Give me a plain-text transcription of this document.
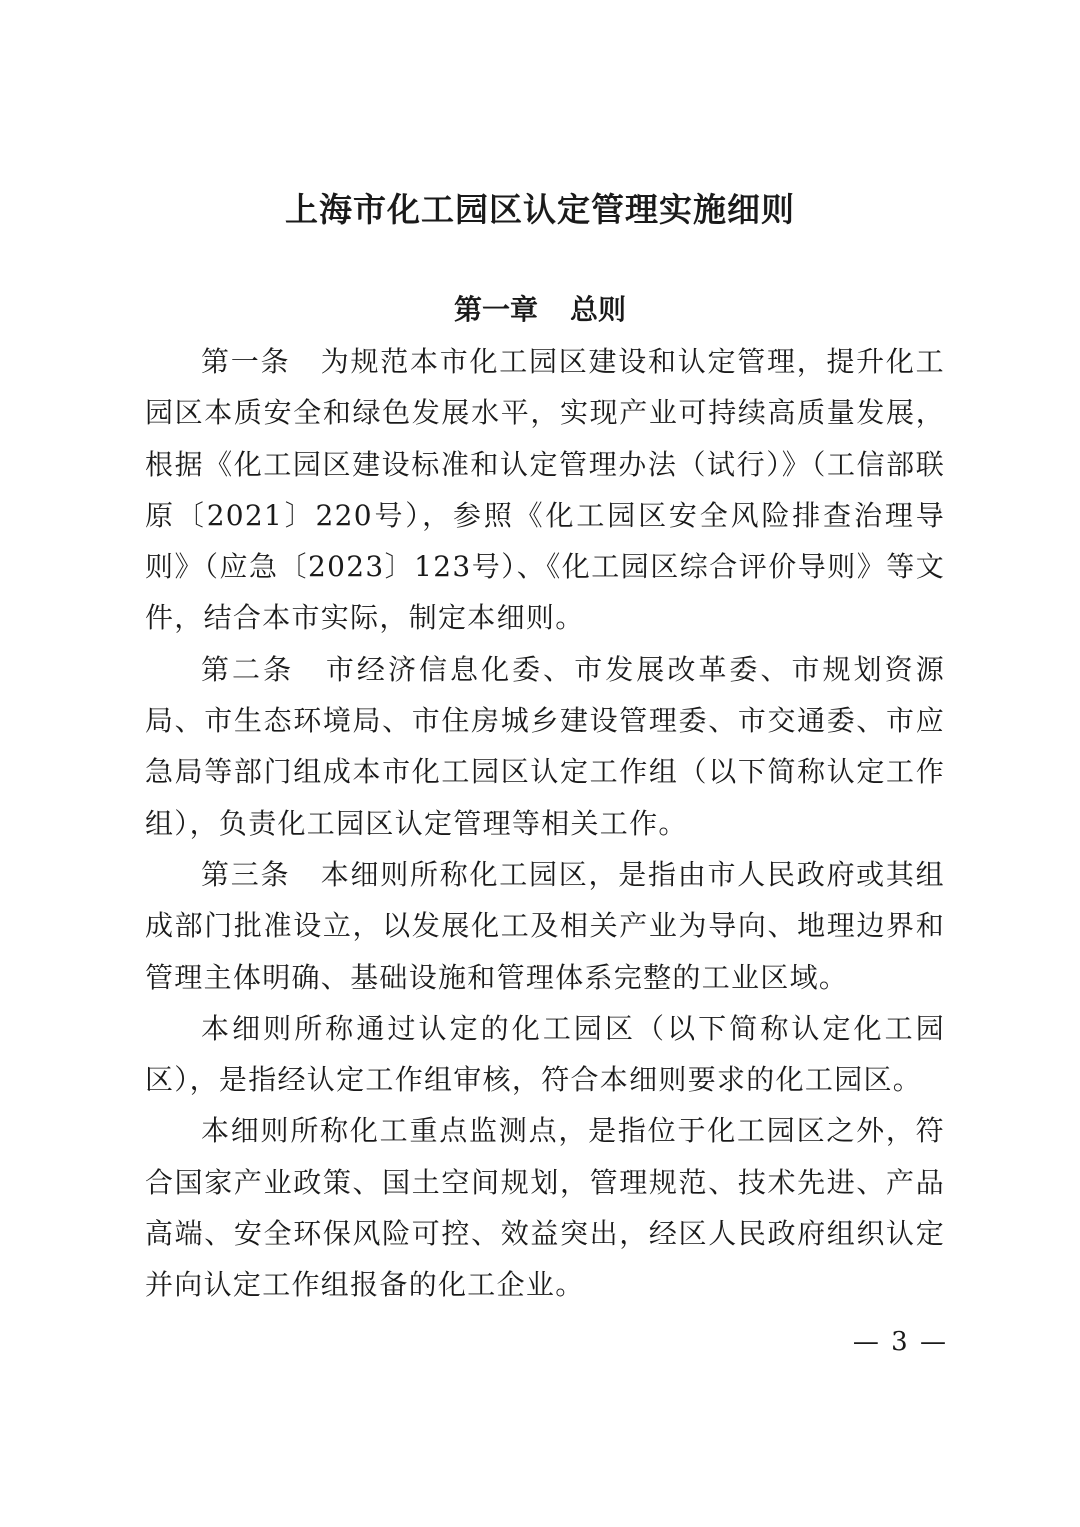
上海市化工园区认定管理实施细则
第一章 总则

第一条 为规范本市化工园区建设和认定管理，提升化工园区本质安全和绿色发展水平，实现产业可持续高质量发展，根据《化工园区建设标准和认定管理办法（试行）》（工信部联原〔2021〕220号），参照《化工园区安全风险排查治理导则》（应急〔2023〕123号）、《化工园区综合评价导则》等文件，结合本市实际，制定本细则。

第二条 市经济信息化委、市发展改革委、市规划资源局、市生态环境局、市住房城乡建设管理委、市交通委、市应急局等部门组成本市化工园区认定工作组（以下简称认定工作组），负责化工园区认定管理等相关工作。

第三条 本细则所称化工园区，是指由市人民政府或其组成部门批准设立，以发展化工及相关产业为导向、地理边界和管理主体明确、基础设施和管理体系完整的工业区域。

本细则所称通过认定的化工园区（以下简称认定化工园区），是指经认定工作组审核，符合本细则要求的化工园区。

本细则所称化工重点监测点，是指位于化工园区之外，符合国家产业政策、国土空间规划，管理规范、技术先进、产品高端、安全环保风险可控、效益突出，经区人民政府组织认定并向认定工作组报备的化工企业。

— 3 —
